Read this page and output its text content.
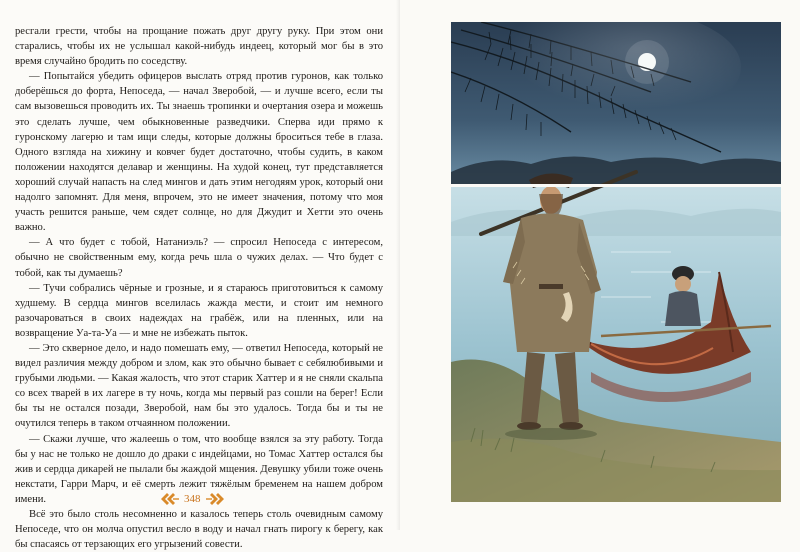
ресгали грести, чтобы на прощание пожать друг другу руку. При этом они старались, чтобы их не услышал какой-нибудь индеец, который мог бы в это время случайно бродить по соседству.

— Попытайся убедить офицеров выслать отряд против гуронов, как только доберёшься до форта, Непоседа, — начал Зверобой, — и лучше всего, если ты сам вызовешься проводить их. Ты знаешь тропинки и очертания озера и можешь это сделать лучше, чем обыкновенные разведчики. Сперва иди прямо к гуронскому лагерю и там ищи следы, которые должны броситься тебе в глаза. Одного взгляда на хижину и ковчег будет достаточно, чтобы судить, в каком положении находятся делавар и женщины. На худой конец, тут представляется хороший случай напасть на след мингов и дать этим негодяям урок, который они надолго запомнят. Для меня, впрочем, это не имеет значения, потому что моя участь решится раньше, чем сядет солнце, но для Джудит и Хетти это очень важно.

— А что будет с тобой, Натаниэль? — спросил Непоседа с интересом, обычно не свойственным ему, когда речь шла о чужих делах. — Что будет с тобой, как ты думаешь?

— Тучи собрались чёрные и грозные, и я стараюсь приготовиться к самому худшему. В сердца мингов вселилась жажда мести, и стоит им немного разочароваться в своих надеждах на грабёж, или на пленных, или на возвращение Уа-та-Уа — и мне не избежать пыток.

— Это скверное дело, и надо помешать ему, — ответил Непоседа, который не видел различия между добром и злом, как это обычно бывает с себялюбивыми и грубыми людьми. — Какая жалость, что этот старик Хаттер и я не сняли скальпа со всех тварей в их лагере в ту ночь, когда мы первый раз сошли на берег! Если бы ты не остался позади, Зверобой, нам бы это удалось. Тогда бы и ты не очутился теперь в таком отчаянном положении.

— Скажи лучше, что жалеешь о том, что вообще взялся за эту работу. Тогда бы у нас не только не дошло до драки с индейцами, но Томас Хаттер остался бы жив и сердца дикарей не пылали бы жаждой мщения. Девушку убили тоже очень некстати, Гарри Марч, и её смерть лежит тяжёлым бременем на нашем добром имени.

Всё это было столь несомненно и казалось теперь столь очевидным самому Непоседе, что он молча опустил весло в воду и начал гнать пирогу к берегу, как бы спасаясь от терзающих его угрызений совести.

348
